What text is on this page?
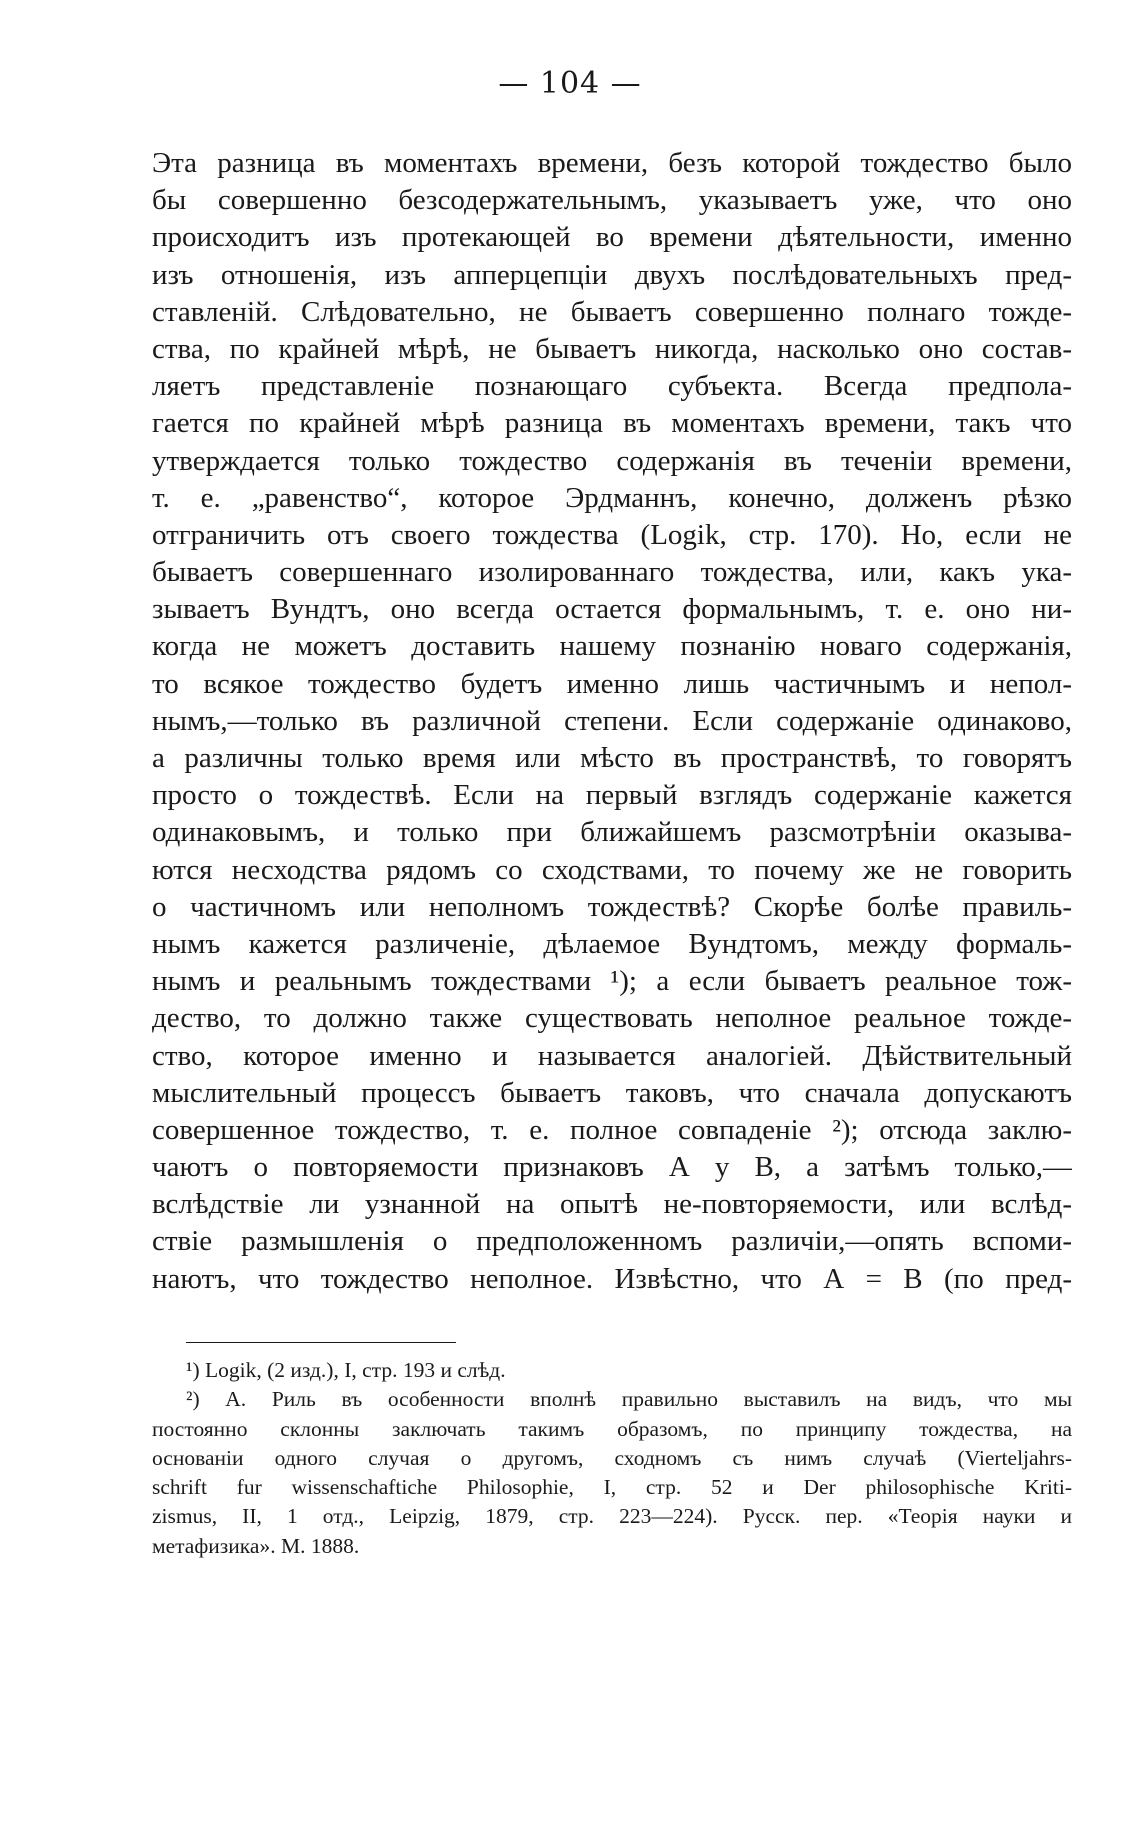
— 104 —
Эта разница въ моментахъ времени, безъ которой тождество было
бы совершенно безсодержательнымъ, указываетъ уже, что оно
происходитъ изъ протекающей во времени дѣятельности, именно
изъ отношенія, изъ апперцепціи двухъ послѣдовательныхъ пред-
ставленій. Слѣдовательно, не бываетъ совершенно полнаго тожде-
ства, по крайней мѣрѣ, не бываетъ никогда, насколько оно состав-
ляетъ представленіе познающаго субъекта. Всегда предпола-
гается по крайней мѣрѣ разница въ моментахъ времени, такъ что
утверждается только тождество содержанія въ теченіи времени,
т. е. „равенство“, которое Эрдманнъ, конечно, долженъ рѣзко
отграничить отъ своего тождества (Logik, стр. 170). Но, если не
бываетъ совершеннаго изолированнаго тождества, или, какъ ука-
зываетъ Вундтъ, оно всегда остается формальнымъ, т. е. оно ни-
когда не можетъ доставить нашему познанію новаго содержанія,
то всякое тождество будетъ именно лишь частичнымъ и непол-
нымъ,—только въ различной степени. Если содержаніе одинаково,
а различны только время или мѣсто въ пространствѣ, то говорятъ
просто о тождествѣ. Если на первый взглядъ содержаніе кажется
одинаковымъ, и только при ближайшемъ разсмотрѣніи оказыва-
ются несходства рядомъ со сходствами, то почему же не говорить
о частичномъ или неполномъ тождествѣ? Скорѣе болѣе правиль-
нымъ кажется различеніе, дѣлаемое Вундтомъ, между формаль-
нымъ и реальнымъ тождествами ¹); а если бываетъ реальное тож-
дество, то должно также существовать неполное реальное тожде-
ство, которое именно и называется аналогіей. Дѣйствительный
мыслительный процессъ бываетъ таковъ, что сначала допускаютъ
совершенное тождество, т. е. полное совпаденіе ²); отсюда заклю-
чаютъ о повторяемости признаковъ А у В, а затѣмъ только,—
вслѣдствіе ли узнанной на опытѣ не-повторяемости, или вслѣд-
ствіе размышленія о предположенномъ различіи,—опять вспоми-
наютъ, что тождество неполное. Извѣстно, что А = В (по пред-
¹) Logik, (2 изд.), I, стр. 193 и слѣд.
²) А. Риль въ особенности вполнѣ правильно выставилъ на видъ, что мы
постоянно склонны заключать такимъ образомъ, по принципу тождества, на
основаніи одного случая о другомъ, сходномъ съ нимъ случаѣ (Vierteljahrs-
schrift fur wissenschaftiche Philosophie, I, стр. 52 и Der philosophische Kriti-
zismus, II, 1 отд., Leipzig, 1879, стр. 223—224). Русск. пер. «Теорія науки и
метафизика». М. 1888.
